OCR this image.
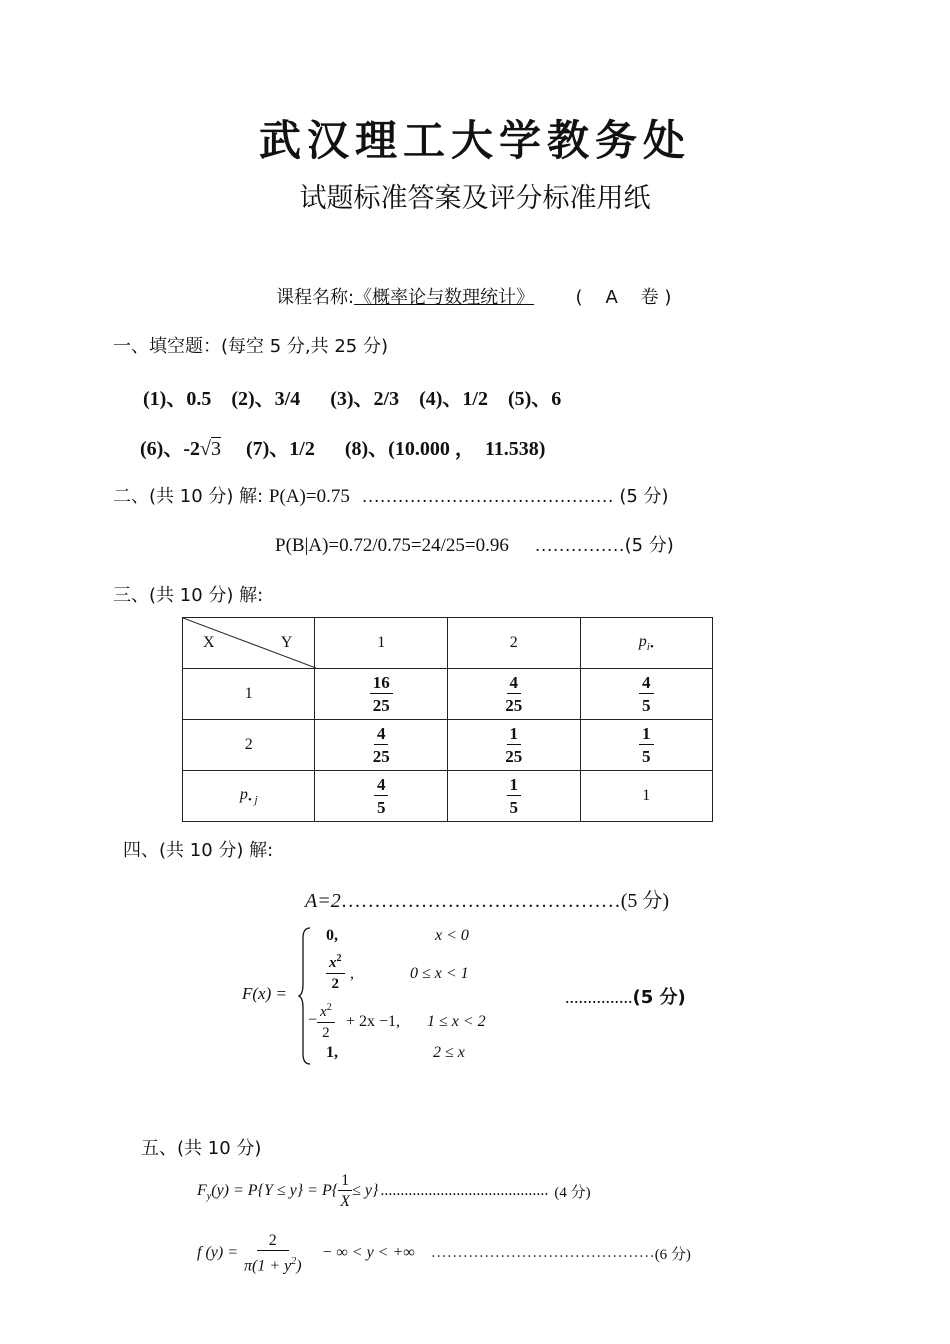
武汉理工大学教务处
试题标准答案及评分标准用纸
课程名称:《概率论与数理统计》 (    A    卷 )
一、填空题：(每空 5 分,共 25 分)
(1)、0.5    (2)、3/4      (3)、2/3    (4)、1/2    (5)、6
(6)、-2√3 (7)、1/2      (8)、(10.000 ，  11.538)
二、(共 10 分) 解: P(A)=0.75 …………………………………… (5 分)
P(B|A)=0.72/0.75=24/25=0.96 ……………(5 分)
三、(共 10 分) 解:
X Y	1	2	$p_{i•}$
1	$\frac{16}{25}$	$\frac{4}{25}$	$\frac{4}{5}$

2	$\frac{4}{25}$	$\frac{1}{25}$	$\frac{1}{5}$

$p_{• j}$	$\frac{4}{5}$	$\frac{1}{5}$	1
四、(共 10 分) 解:
A=2……………………………………(5 分)
F(x) =
0,	x < 0
$\frac{x^2}{2}$ ,	0 ≤ x < 1
− $\frac{x^2}{2} + 2x -1$, 1 ≤ x < 2
1,	2 ≤ x
...............(5 分)
五、(共 10 分)
$F_y$ $(y) = P\{Y \le y\} = P\{ \frac{1}{X} \le y\}$ .......................................... (4 分)
f $(y) = \frac{2}{\pi(1 + y^2)}$ − ∞ < y < +∞ …………………………………… (6 分)
